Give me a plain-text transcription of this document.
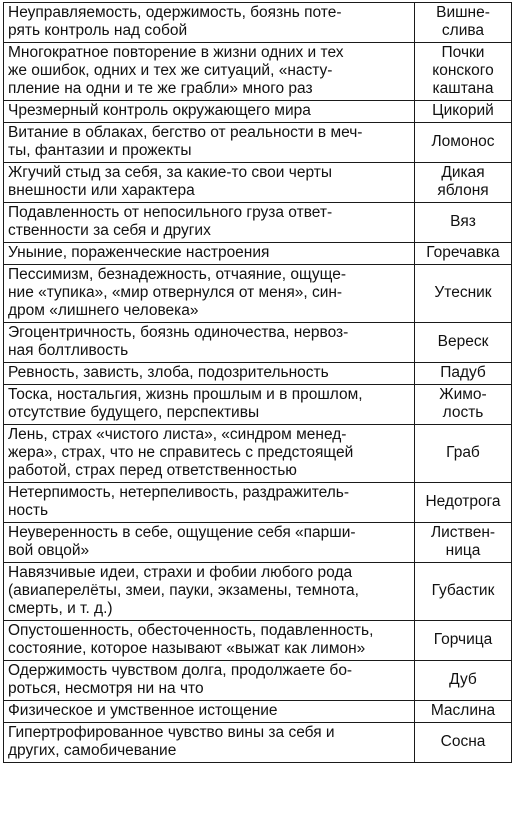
Неуправляемость, одержимость, боязнь поте-
рять контроль над собой	Вишне-
слива

Многократное повторение в жизни одних и тех
же ошибок, одних и тех же ситуаций, «насту-
пление на одни и те же грабли» много раз	Почки
конского
каштана

Чрезмерный контроль окружающего мира	Цикорий

Витание в облаках, бегство от реальности в меч-
ты, фантазии и прожекты	Ломонос

Жгучий стыд за себя, за какие-то свои черты
внешности или характера	Дикая
яблоня

Подавленность от непосильного груза ответ-
ственности за себя и других	Вяз

Уныние, пораженческие настроения	Горечавка

Пессимизм, безнадежность, отчаяние, ощуще-
ние «тупика», «мир отвернулся от меня», син-
дром «лишнего человека»	Утесник

Эгоцентричность, боязнь одиночества, нервоз-
ная болтливость	Вереск

Ревность, зависть, злоба, подозрительность	Падуб

Тоска, ностальгия, жизнь прошлым и в прошлом,
отсутствие будущего, перспективы	Жимо-
лость

Лень, страх «чистого листа», «синдром менед-
жера», страх, что не справитесь с предстоящей
работой, страх перед ответственностью	Граб

Нетерпимость, нетерпеливость, раздражитель-
ность	Недотрога

Неуверенность в себе, ощущение себя «парши-
вой овцой»	Листвен-
ница

Навязчивые идеи, страхи и фобии любого рода
(авиаперелёты, змеи, пауки, экзамены, темнота,
смерть, и т. д.)	Губастик

Опустошенность, обесточенность, подавленность,
состояние, которое называют «выжат как лимон»	Горчица

Одержимость чувством долга, продолжаете бо-
роться, несмотря ни на что	Дуб

Физическое и умственное истощение	Маслина

Гипертрофированное чувство вины за себя и
других, самобичевание	Сосна
